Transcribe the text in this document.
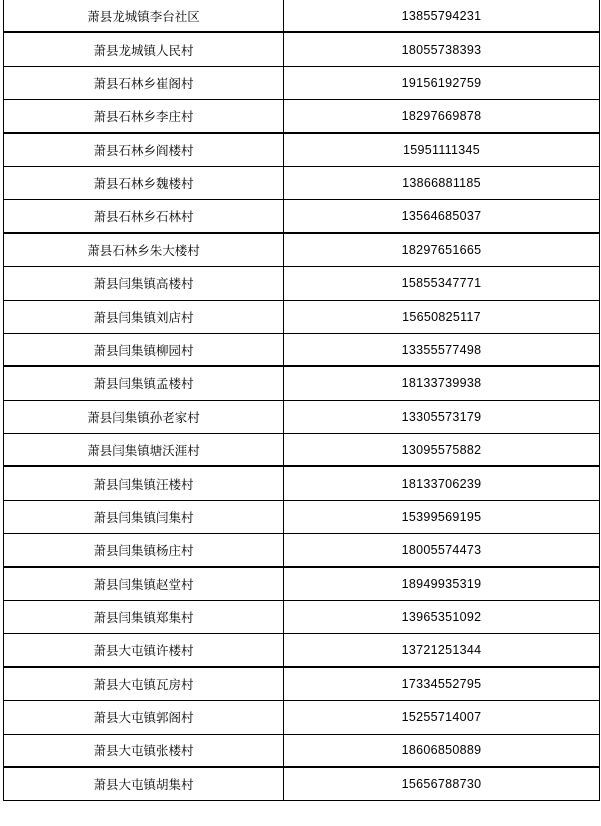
萧县龙城镇李台社区	13855794231
萧县龙城镇人民村	18055738393
萧县石林乡崔阁村	19156192759
萧县石林乡李庄村	18297669878
萧县石林乡阎楼村	15951111345
萧县石林乡魏楼村	13866881185
萧县石林乡石林村	13564685037
萧县石林乡朱大楼村	18297651665
萧县闫集镇高楼村	15855347771
萧县闫集镇刘店村	15650825117
萧县闫集镇柳园村	13355577498
萧县闫集镇孟楼村	18133739938
萧县闫集镇孙老家村	13305573179
萧县闫集镇塘沃涯村	13095575882
萧县闫集镇汪楼村	18133706239
萧县闫集镇闫集村	15399569195
萧县闫集镇杨庄村	18005574473
萧县闫集镇赵堂村	18949935319
萧县闫集镇郑集村	13965351092
萧县大屯镇许楼村	13721251344
萧县大屯镇瓦房村	17334552795
萧县大屯镇郭阁村	15255714007
萧县大屯镇张楼村	18606850889
萧县大屯镇胡集村	15656788730
